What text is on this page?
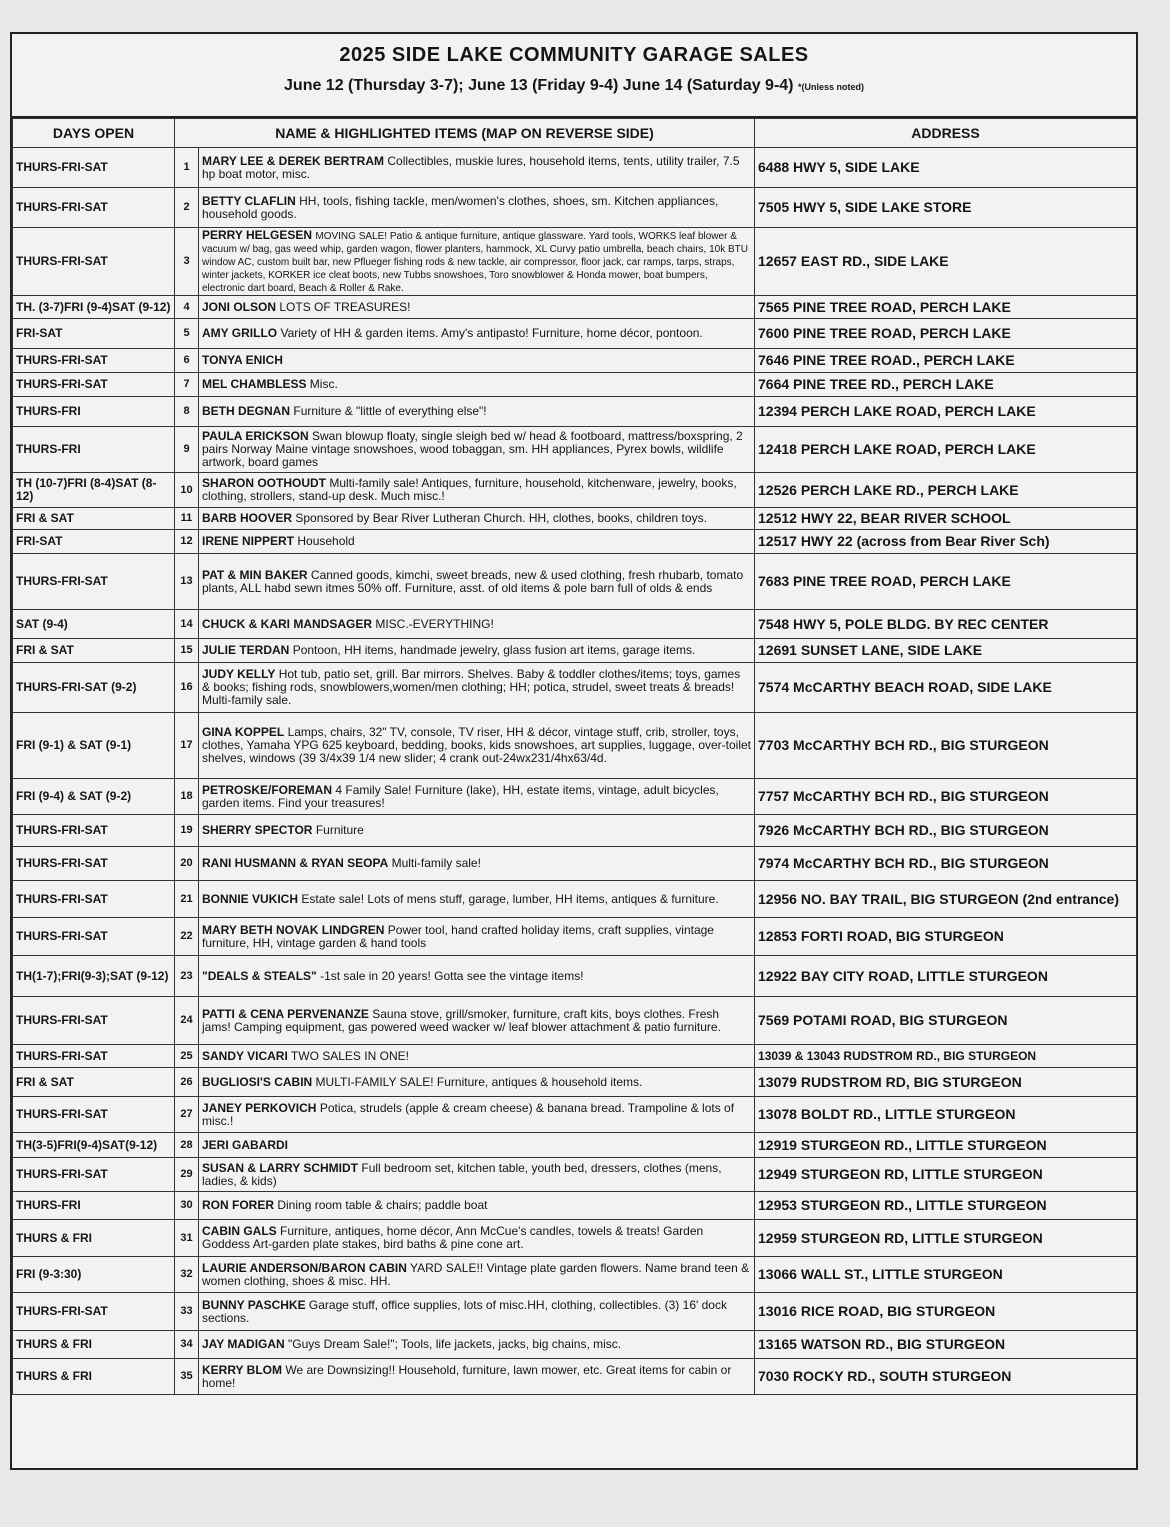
2025 SIDE LAKE COMMUNITY GARAGE SALES
June 12 (Thursday 3-7); June 13 (Friday 9-4) June 14 (Saturday 9-4) *(Unless noted)
DAYS OPEN	NAME & HIGHLIGHTED ITEMS (MAP ON REVERSE SIDE)		ADDRESS
THURS-FRI-SAT	1	MARY LEE & DEREK BERTRAM Collectibles, muskie lures, household items, tents, utility trailer, 7.5 hp boat motor, misc.	6488 HWY 5, SIDE LAKE
THURS-FRI-SAT	2	BETTY CLAFLIN HH, tools, fishing tackle, men/women's clothes, shoes, sm. Kitchen appliances, household goods.	7505 HWY 5, SIDE LAKE STORE
THURS-FRI-SAT	3	PERRY HELGESEN MOVING SALE! Patio & antique furniture, antique glassware. Yard tools, WORKS leaf blower & vacuum w/ bag, gas weed whip, garden wagon, flower planters, hammock, XL Curvy patio umbrella, beach chairs, 10k BTU window AC, custom built bar, new Pflueger fishing rods & new tackle, air compressor, floor jack, car ramps, tarps, straps, winter jackets, KORKER ice cleat boots, new Tubbs snowshoes, Toro snowblower & Honda mower, boat bumpers, electronic dart board, Beach & Roller & Rake.	12657 EAST RD., SIDE LAKE
TH. (3-7)FRI (9-4)SAT (9-12)	4	JONI OLSON LOTS OF TREASURES!	7565 PINE TREE ROAD, PERCH LAKE
FRI-SAT	5	AMY GRILLO Variety of HH & garden items. Amy's antipasto! Furniture, home décor, pontoon.	7600 PINE TREE ROAD, PERCH LAKE
THURS-FRI-SAT	6	TONYA ENICH	7646 PINE TREE ROAD., PERCH LAKE
THURS-FRI-SAT	7	MEL CHAMBLESS Misc.	7664 PINE TREE RD., PERCH LAKE
THURS-FRI	8	BETH DEGNAN Furniture & "little of everything else"!	12394 PERCH LAKE ROAD, PERCH LAKE
THURS-FRI	9	PAULA ERICKSON Swan blowup floaty, single sleigh bed w/ head & footboard, mattress/boxspring, 2 pairs Norway Maine vintage snowshoes, wood tobaggan, sm. HH appliances, Pyrex bowls, wildlife artwork, board games	12418 PERCH LAKE ROAD, PERCH LAKE
TH (10-7)FRI (8-4)SAT (8-12)	10	SHARON OOTHOUDT Multi-family sale! Antiques, furniture, household, kitchenware, jewelry, books, clothing, strollers, stand-up desk. Much misc.!	12526 PERCH LAKE RD., PERCH LAKE
FRI & SAT	11	BARB HOOVER Sponsored by Bear River Lutheran Church. HH, clothes, books, children toys.	12512 HWY 22, BEAR RIVER SCHOOL
FRI-SAT	12	IRENE NIPPERT Household	12517 HWY 22 (across from Bear River Sch)
THURS-FRI-SAT	13	PAT & MIN BAKER Canned goods, kimchi, sweet breads, new & used clothing, fresh rhubarb, tomato plants, ALL habd sewn itmes 50% off. Furniture, asst. of old items & pole barn full of olds & ends	7683 PINE TREE ROAD, PERCH LAKE
SAT (9-4)	14	CHUCK & KARI MANDSAGER MISC.-EVERYTHING!	7548 HWY 5, POLE BLDG. BY REC CENTER
FRI & SAT	15	JULIE TERDAN Pontoon, HH items, handmade jewelry, glass fusion art items, garage items.	12691 SUNSET LANE, SIDE LAKE
THURS-FRI-SAT (9-2)	16	JUDY KELLY Hot tub, patio set, grill. Bar mirrors. Shelves. Baby & toddler clothes/items; toys, games & books; fishing rods, snowblowers,women/men clothing; HH; potica, strudel, sweet treats & breads! Multi-family sale.	7574 McCARTHY BEACH ROAD, SIDE LAKE
FRI (9-1) & SAT (9-1)	17	GINA KOPPEL Lamps, chairs, 32" TV, console, TV riser, HH & décor, vintage stuff, crib, stroller, toys, clothes, Yamaha YPG 625 keyboard, bedding, books, kids snowshoes, art supplies, luggage, over-toilet shelves, windows (39 3/4x39 1/4 new slider; 4 crank out-24wx231/4hx63/4d.	7703 McCARTHY BCH RD., BIG STURGEON
FRI (9-4) & SAT (9-2)	18	PETROSKE/FOREMAN 4 Family Sale! Furniture (lake), HH, estate items, vintage, adult bicycles, garden items. Find your treasures!	7757 McCARTHY BCH RD., BIG STURGEON
THURS-FRI-SAT	19	SHERRY SPECTOR Furniture	7926 McCARTHY BCH RD., BIG STURGEON
THURS-FRI-SAT	20	RANI HUSMANN & RYAN SEOPA Multi-family sale!	7974 McCARTHY BCH RD., BIG STURGEON
THURS-FRI-SAT	21	BONNIE VUKICH Estate sale! Lots of mens stuff, garage, lumber, HH items, antiques & furniture.	12956 NO. BAY TRAIL, BIG STURGEON (2nd entrance)
THURS-FRI-SAT	22	MARY BETH NOVAK LINDGREN Power tool, hand crafted holiday items, craft supplies, vintage furniture, HH, vintage garden & hand tools	12853 FORTI ROAD, BIG STURGEON
TH(1-7);FRI(9-3);SAT (9-12)	23	"DEALS & STEALS" -1st sale in 20 years! Gotta see the vintage items!	12922 BAY CITY ROAD, LITTLE STURGEON
THURS-FRI-SAT	24	PATTI & CENA PERVENANZE Sauna stove, grill/smoker, furniture, craft kits, boys clothes. Fresh jams! Camping equipment, gas powered weed wacker w/ leaf blower attachment & patio furniture.	7569 POTAMI ROAD, BIG STURGEON
THURS-FRI-SAT	25	SANDY VICARI TWO SALES IN ONE!	13039 & 13043 RUDSTROM RD., BIG STURGEON
FRI & SAT	26	BUGLIOSI'S CABIN MULTI-FAMILY SALE! Furniture, antiques & household items.	13079 RUDSTROM RD, BIG STURGEON
THURS-FRI-SAT	27	JANEY PERKOVICH Potica, strudels (apple & cream cheese) & banana bread. Trampoline & lots of misc.!	13078 BOLDT RD., LITTLE STURGEON
TH(3-5)FRI(9-4)SAT(9-12)	28	JERI GABARDI	12919 STURGEON RD., LITTLE STURGEON
THURS-FRI-SAT	29	SUSAN & LARRY SCHMIDT Full bedroom set, kitchen table, youth bed, dressers, clothes (mens, ladies, & kids)	12949 STURGEON RD, LITTLE STURGEON
THURS-FRI	30	RON FORER Dining room table & chairs; paddle boat	12953 STURGEON RD., LITTLE STURGEON
THURS & FRI	31	CABIN GALS Furniture, antiques, home décor, Ann McCue's candles, towels & treats! Garden Goddess Art-garden plate stakes, bird baths & pine cone art.	12959 STURGEON RD, LITTLE STURGEON
FRI (9-3:30)	32	LAURIE ANDERSON/BARON CABIN YARD SALE!! Vintage plate garden flowers. Name brand teen & women clothing, shoes & misc. HH.	13066 WALL ST., LITTLE STURGEON
THURS-FRI-SAT	33	BUNNY PASCHKE Garage stuff, office supplies, lots of misc.HH, clothing, collectibles. (3) 16' dock sections.	13016 RICE ROAD, BIG STURGEON
THURS & FRI	34	JAY MADIGAN "Guys Dream Sale!"; Tools, life jackets, jacks, big chains, misc.	13165 WATSON RD., BIG STURGEON
THURS & FRI	35	KERRY BLOM We are Downsizing!! Household, furniture, lawn mower, etc. Great items for cabin or home!	7030 ROCKY RD., SOUTH STURGEON
